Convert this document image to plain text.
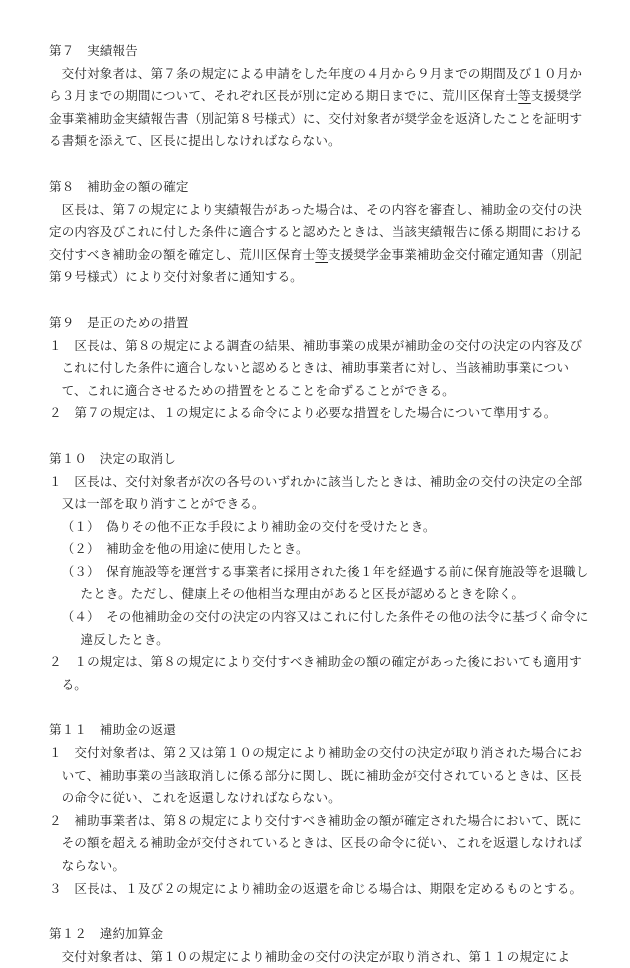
第７　実績報告

交付対象者は、第７条の規定による申請をした年度の４月から９月までの期間及び１０月から３月までの期間について、それぞれ区長が別に定める期日までに、荒川区保育士等支援奨学金事業補助金実績報告書（別記第８号様式）に、交付対象者が奨学金を返済したことを証明する書類を添えて、区長に提出しなければならない。

第８　補助金の額の確定

区長は、第７の規定により実績報告があった場合は、その内容を審査し、補助金の交付の決定の内容及びこれに付した条件に適合すると認めたときは、当該実績報告に係る期間における交付すべき補助金の額を確定し、荒川区保育士等支援奨学金事業補助金交付確定通知書（別記第９号様式）により交付対象者に通知する。

第９　是正のための措置

１　区長は、第８の規定による調査の結果、補助事業の成果が補助金の交付の決定の内容及びこれに付した条件に適合しないと認めるときは、補助事業者に対し、当該補助事業について、これに適合させるための措置をとることを命ずることができる。

２　第７の規定は、１の規定による命令により必要な措置をした場合について準用する。

第１０　決定の取消し

１　区長は、交付対象者が次の各号のいずれかに該当したときは、補助金の交付の決定の全部又は一部を取り消すことができる。

（１）　偽りその他不正な手段により補助金の交付を受けたとき。

（２）　補助金を他の用途に使用したとき。

（３）　保育施設等を運営する事業者に採用された後１年を経過する前に保育施設等を退職したとき。ただし、健康上その他相当な理由があると区長が認めるときを除く。

（４）　その他補助金の交付の決定の内容又はこれに付した条件その他の法令に基づく命令に違反したとき。

２　１の規定は、第８の規定により交付すべき補助金の額の確定があった後においても適用する。

第１１　補助金の返還

１　交付対象者は、第２又は第１０の規定により補助金の交付の決定が取り消された場合において、補助事業の当該取消しに係る部分に関し、既に補助金が交付されているときは、区長の命令に従い、これを返還しなければならない。

２　補助事業者は、第８の規定により交付すべき補助金の額が確定された場合において、既にその額を超える補助金が交付されているときは、区長の命令に従い、これを返還しなければならない。

３　区長は、１及び２の規定により補助金の返還を命じる場合は、期限を定めるものとする。

第１２　違約加算金

交付対象者は、第１０の規定により補助金の交付の決定が取り消され、第１１の規定によ
